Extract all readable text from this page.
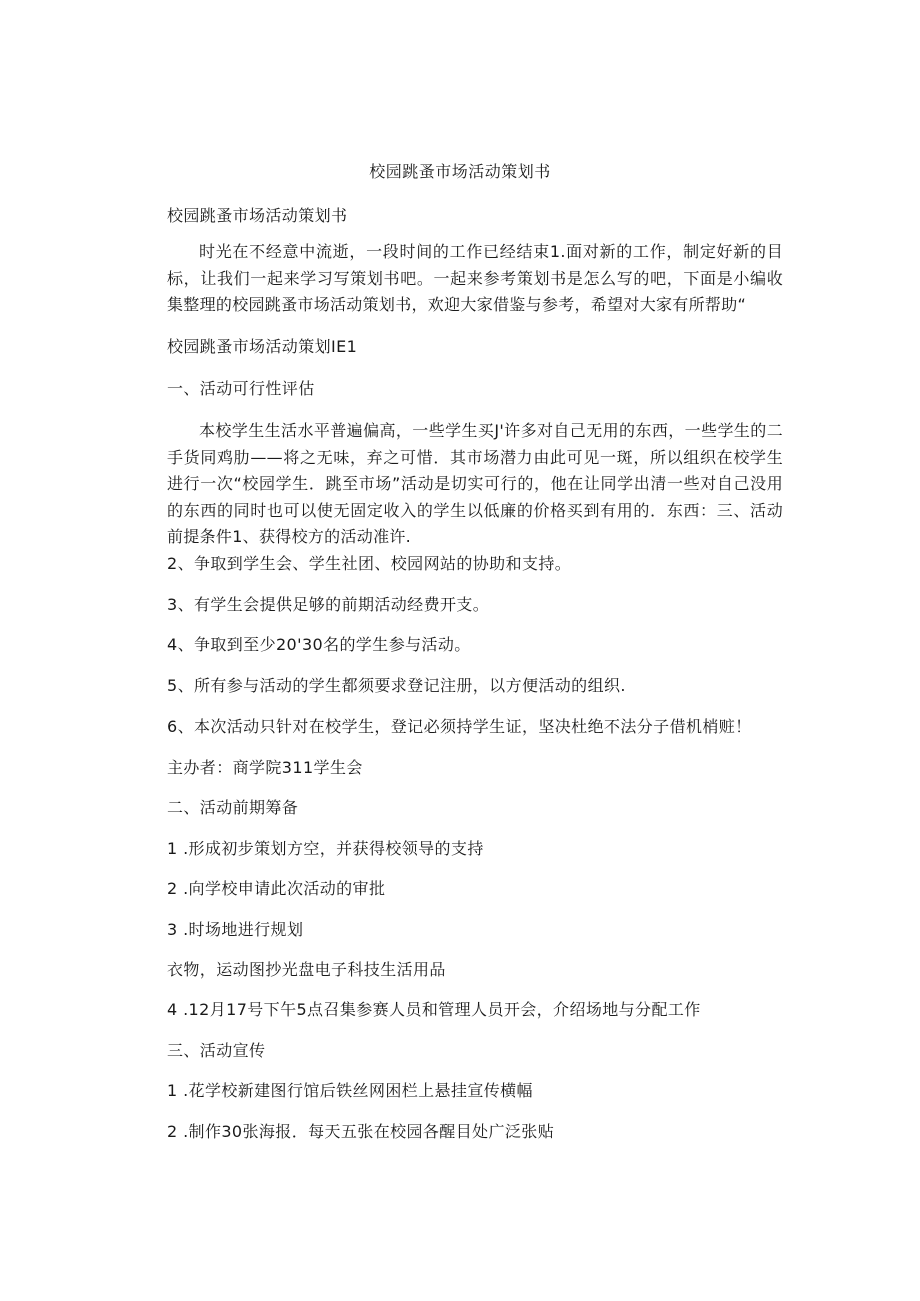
校园跳蚤市场活动策划书
校园跳蚤市场活动策划书
时光在不经意中流逝，一段时间的工作已经结束1.面对新的工作，制定好新的目标，让我们一起来学习写策划书吧。一起来参考策划书是怎么写的吧，下面是小编收集整理的校园跳蚤市场活动策划书，欢迎大家借鉴与参考，希望对大家有所帮助“
校园跳蚤市场活动策划IE1
一、活动可行性评估
本校学生生活水平普遍偏高，一些学生买J'许多对自己无用的东西，一些学生的二手货同鸡肋——将之无味，弃之可惜．其市场潜力由此可见一斑，所以组织在校学生进行一次“校园学生．跳至市场”活动是切实可行的，他在让同学出清一些对自己没用的东西的同时也可以使无固定收入的学生以低廉的价格买到有用的．东西：三、活动前提条件1、获得校方的活动准许.
2、争取到学生会、学生社团、校园网站的协助和支持。
3、有学生会提供足够的前期活动经费开支。
4、争取到至少20'30名的学生参与活动。
5、所有参与活动的学生都须要求登记注册，以方便活动的组织.
6、本次活动只针对在校学生，登记必须持学生证，坚决杜绝不法分子借机梢赃！
主办者：商学院311学生会
二、活动前期筹备
1 .形成初步策划方空，并获得校领导的支持
2 .向学校申请此次活动的审批
3 .时场地进行规划
衣物，运动图抄光盘电子科技生活用品
4 .12月17号下午5点召集参赛人员和管理人员开会，介绍场地与分配工作
三、活动宣传
1 .花学校新建图行馆后铁丝网困栏上悬挂宣传横幅
2 .制作30张海报．每天五张在校园各醒目处广泛张贴
